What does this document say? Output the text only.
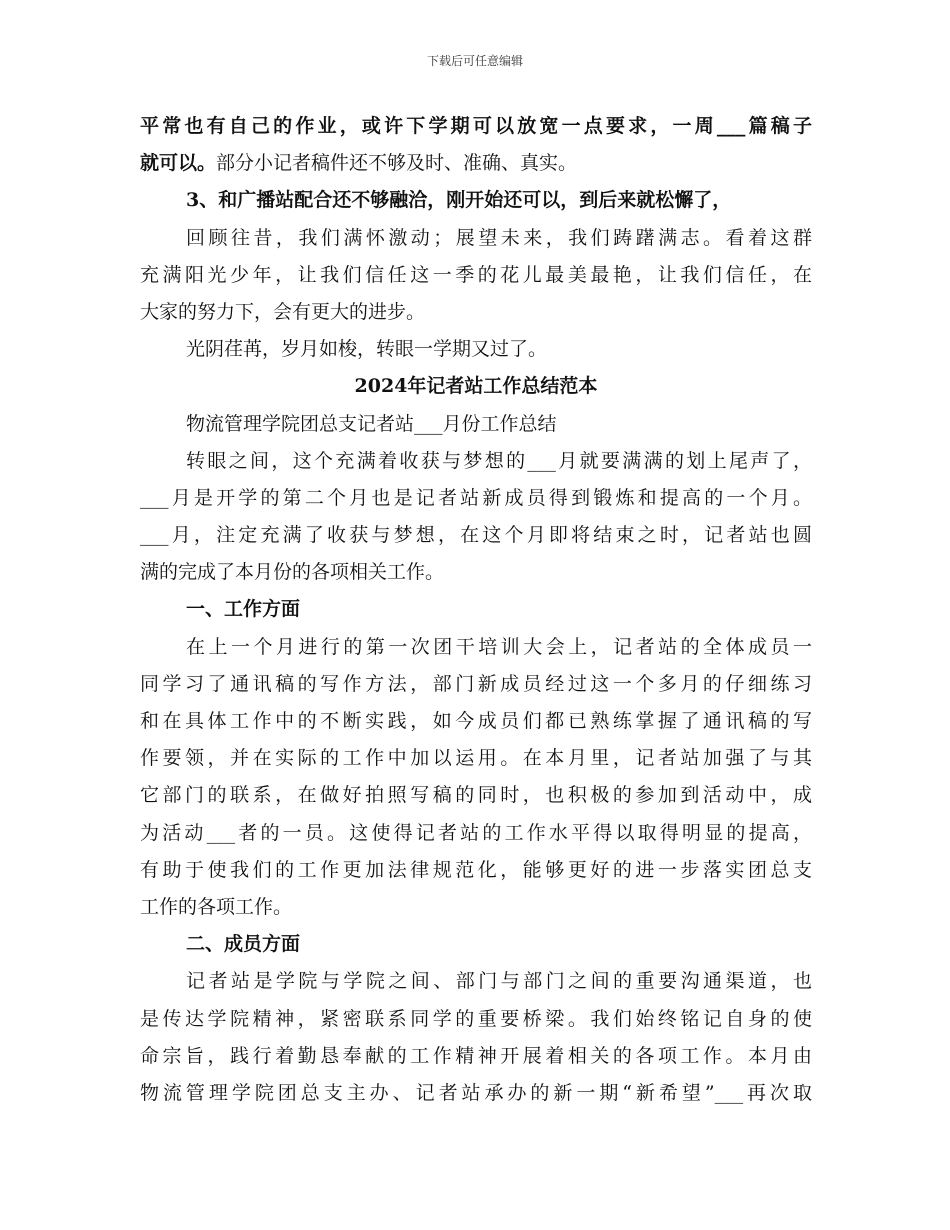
下载后可任意编辑
平常也有自己的作业，或许下学期可以放宽一点要求，一周___篇稿子
就可以。部分小记者稿件还不够及时、准确、真实。
3、和广播站配合还不够融洽，刚开始还可以，到后来就松懈了，
回顾往昔，我们满怀激动；展望未来，我们踌躇满志。看着这群
充满阳光少年，让我们信任这一季的花儿最美最艳，让我们信任，在
大家的努力下，会有更大的进步。
光阴荏苒，岁月如梭，转眼一学期又过了。
2024年记者站工作总结范本
物流管理学院团总支记者站___月份工作总结
转眼之间，这个充满着收获与梦想的___月就要满满的划上尾声了，
___月是开学的第二个月也是记者站新成员得到锻炼和提高的一个月。
___月，注定充满了收获与梦想，在这个月即将结束之时，记者站也圆
满的完成了本月份的各项相关工作。
一、工作方面
在上一个月进行的第一次团干培训大会上，记者站的全体成员一
同学习了通讯稿的写作方法，部门新成员经过这一个多月的仔细练习
和在具体工作中的不断实践，如今成员们都已熟练掌握了通讯稿的写
作要领，并在实际的工作中加以运用。在本月里，记者站加强了与其
它部门的联系，在做好拍照写稿的同时，也积极的参加到活动中，成
为活动___者的一员。这使得记者站的工作水平得以取得明显的提高，
有助于使我们的工作更加法律规范化，能够更好的进一步落实团总支
工作的各项工作。
二、成员方面
记者站是学院与学院之间、部门与部门之间的重要沟通渠道，也
是传达学院精神，紧密联系同学的重要桥梁。我们始终铭记自身的使
命宗旨，践行着勤恳奉献的工作精神开展着相关的各项工作。本月由
物流管理学院团总支主办、记者站承办的新一期“新希望”___再次取
